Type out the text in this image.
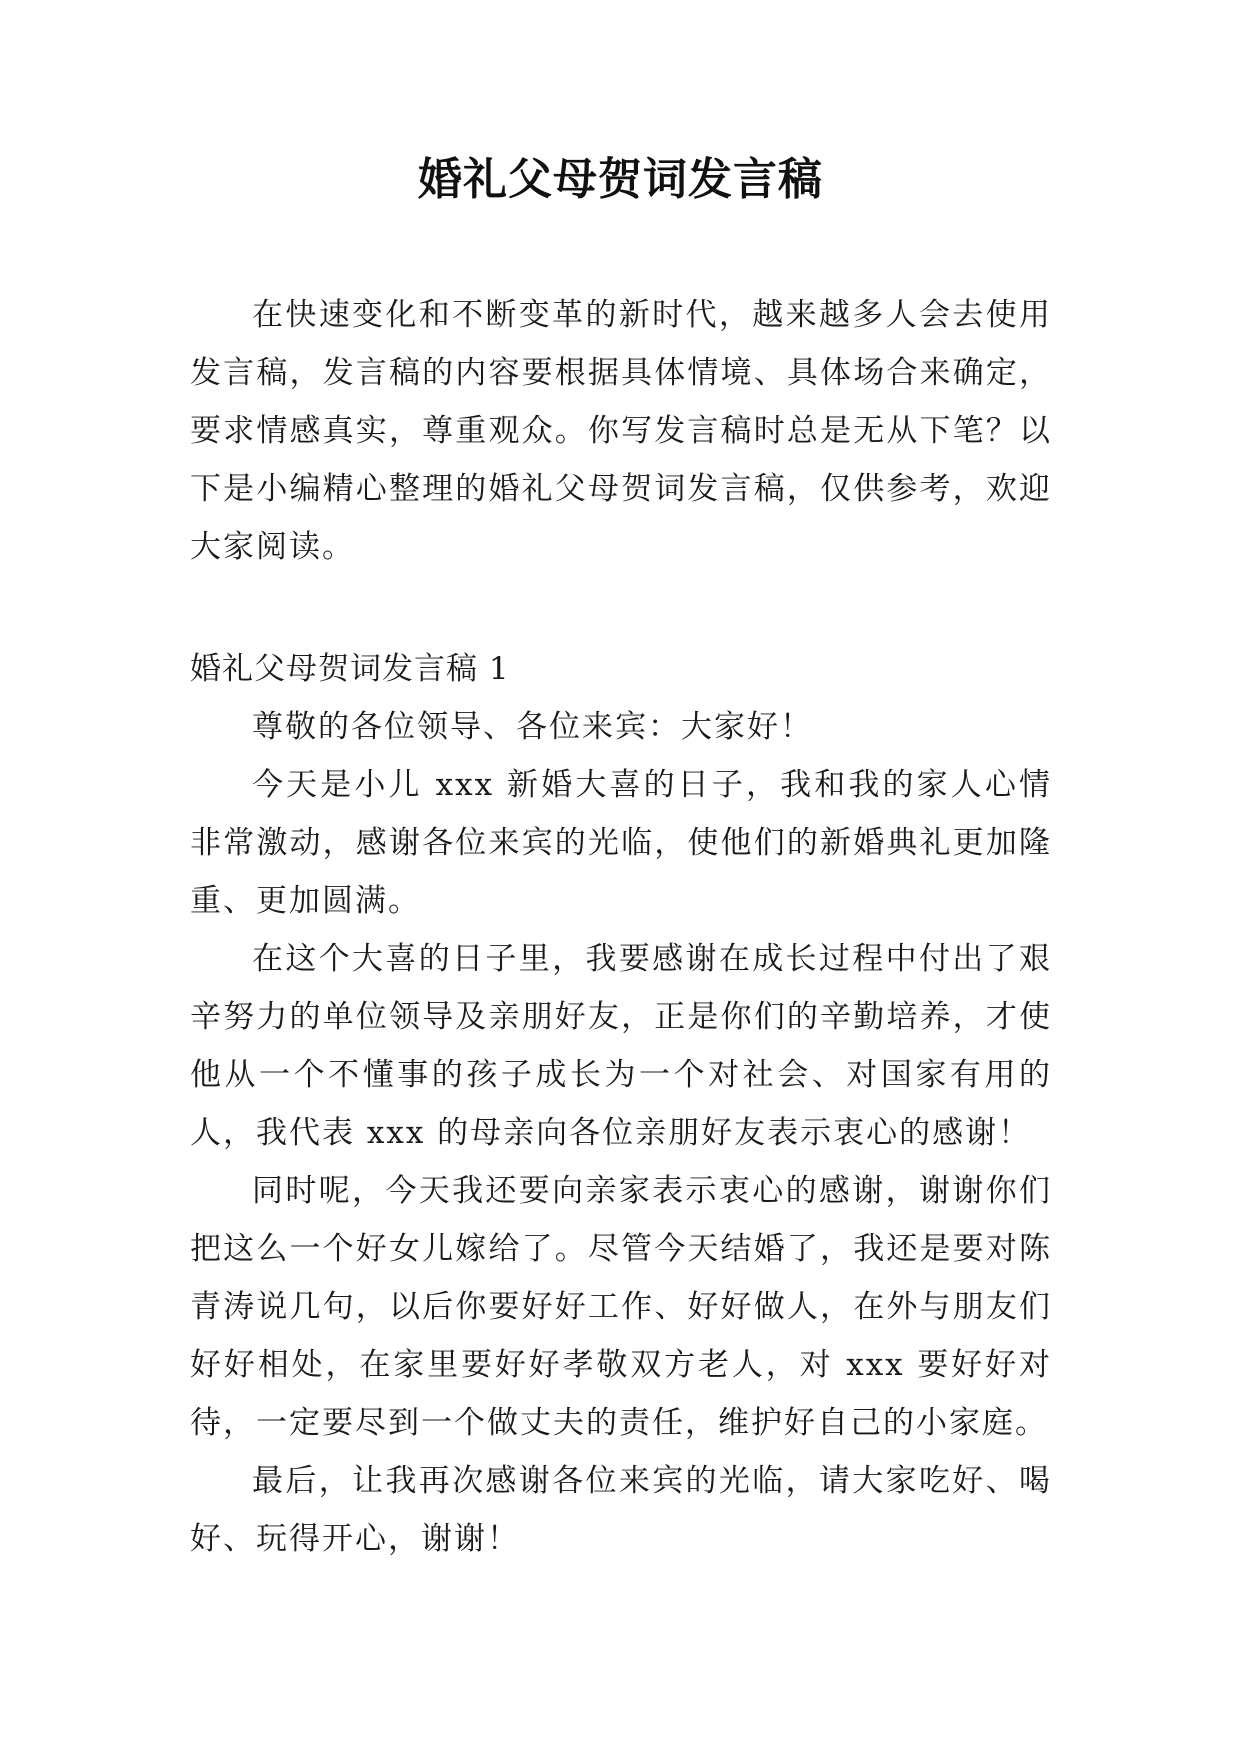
婚礼父母贺词发言稿

在快速变化和不断变革的新时代，越来越多人会去使用发言稿，发言稿的内容要根据具体情境、具体场合来确定，要求情感真实，尊重观众。你写发言稿时总是无从下笔？以下是小编精心整理的婚礼父母贺词发言稿，仅供参考，欢迎大家阅读。

婚礼父母贺词发言稿 1

尊敬的各位领导、各位来宾：大家好！

今天是小儿 xxx 新婚大喜的日子，我和我的家人心情非常激动，感谢各位来宾的光临，使他们的新婚典礼更加隆重、更加圆满。

在这个大喜的日子里，我要感谢在成长过程中付出了艰辛努力的单位领导及亲朋好友，正是你们的辛勤培养，才使他从一个不懂事的孩子成长为一个对社会、对国家有用的人，我代表 xxx 的母亲向各位亲朋好友表示衷心的感谢！

同时呢，今天我还要向亲家表示衷心的感谢，谢谢你们把这么一个好女儿嫁给了。尽管今天结婚了，我还是要对陈青涛说几句，以后你要好好工作、好好做人，在外与朋友们好好相处，在家里要好好孝敬双方老人，对 xxx 要好好对待，一定要尽到一个做丈夫的责任，维护好自己的小家庭。

最后，让我再次感谢各位来宾的光临，请大家吃好、喝好、玩得开心，谢谢！
